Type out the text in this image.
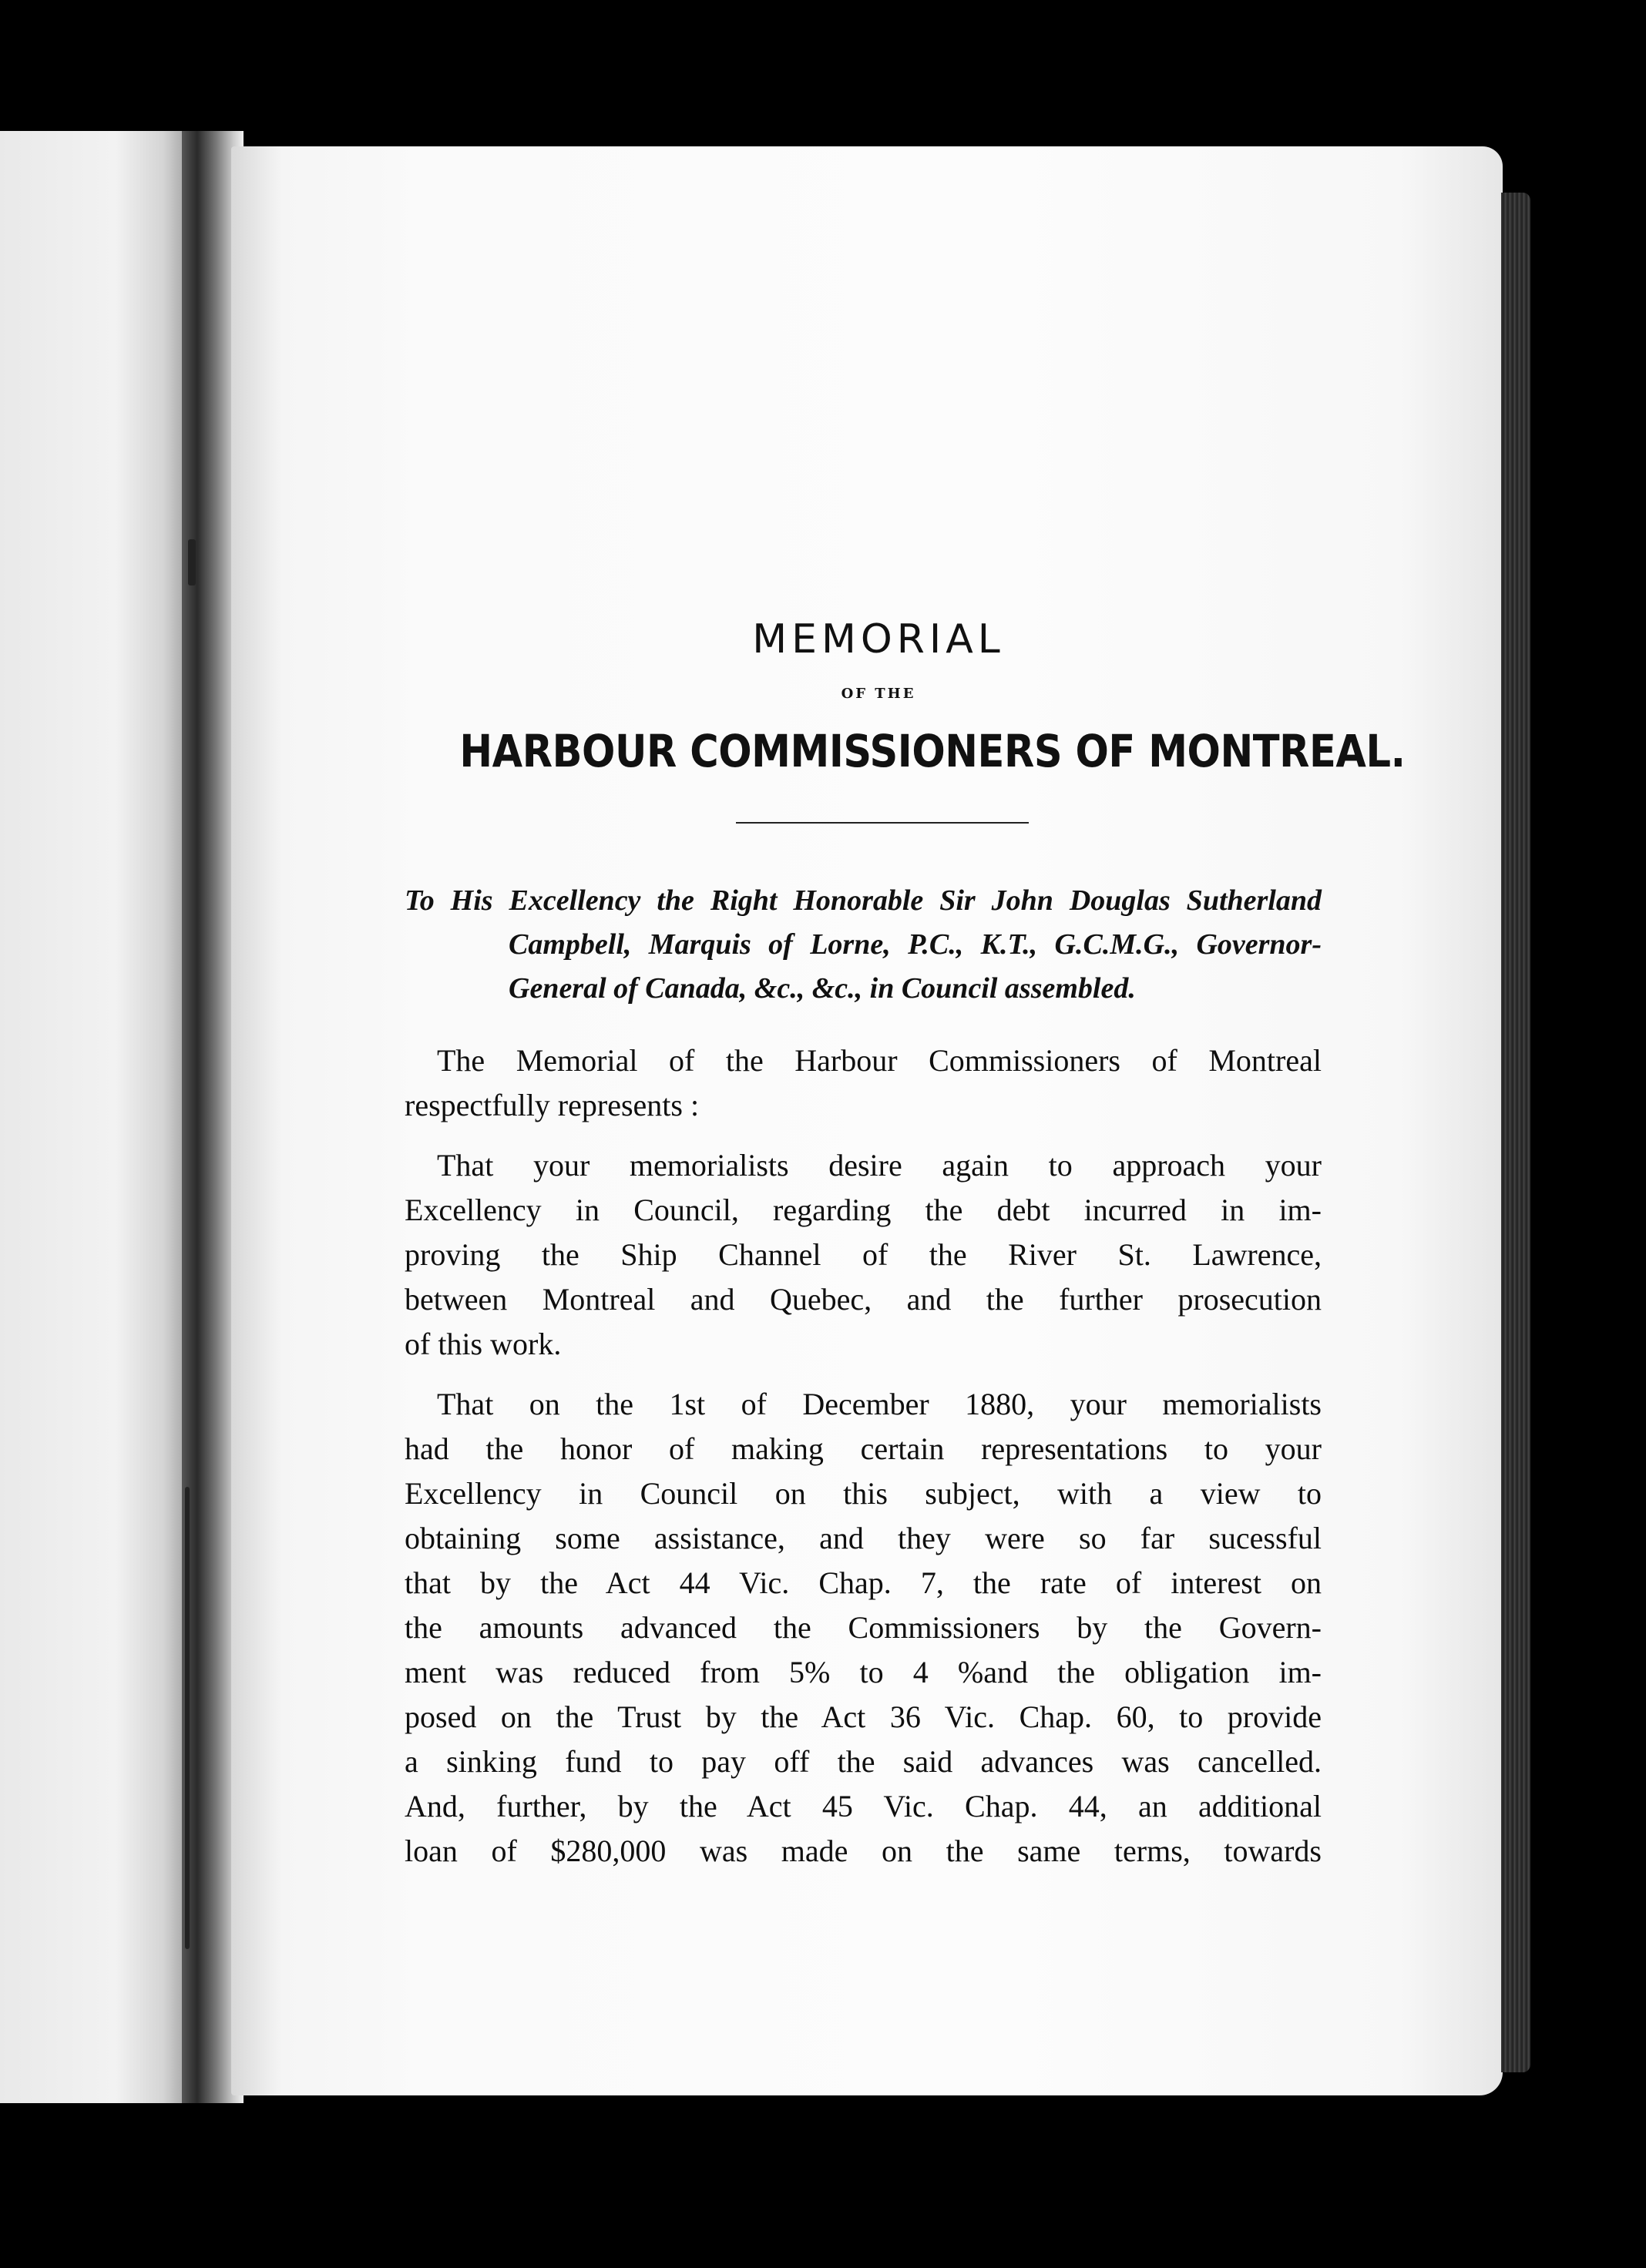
MEMORIAL
OF THE
HARBOUR COMMISSIONERS OF MONTREAL.

To His Excellency the Right Honorable Sir John Douglas Sutherland Campbell, Marquis of Lorne, P.C., K.T., G.C.M.G., Governor-General of Canada, &c., &c., in Council assembled.

The Memorial of the Harbour Commissioners of Montreal
respectfully represents :
That your memorialists desire again to approach your
Excellency in Council, regarding the debt incurred in im-
proving the Ship Channel of the River St. Lawrence,
between Montreal and Quebec, and the further prosecution
of this work.
That on the 1st of December 1880, your memorialists
had the honor of making certain representations to your
Excellency in Council on this subject, with a view to
obtaining some assistance, and they were so far sucessful
that by the Act 44 Vic. Chap. 7, the rate of interest on
the amounts advanced the Commissioners by the Govern-
ment was reduced from 5% to 4 %and the obligation im-
posed on the Trust by the Act 36 Vic. Chap. 60, to provide
a sinking fund to pay off the said advances was cancelled.
And, further, by the Act 45 Vic. Chap. 44, an additional
loan of $280,000 was made on the same terms, towards
